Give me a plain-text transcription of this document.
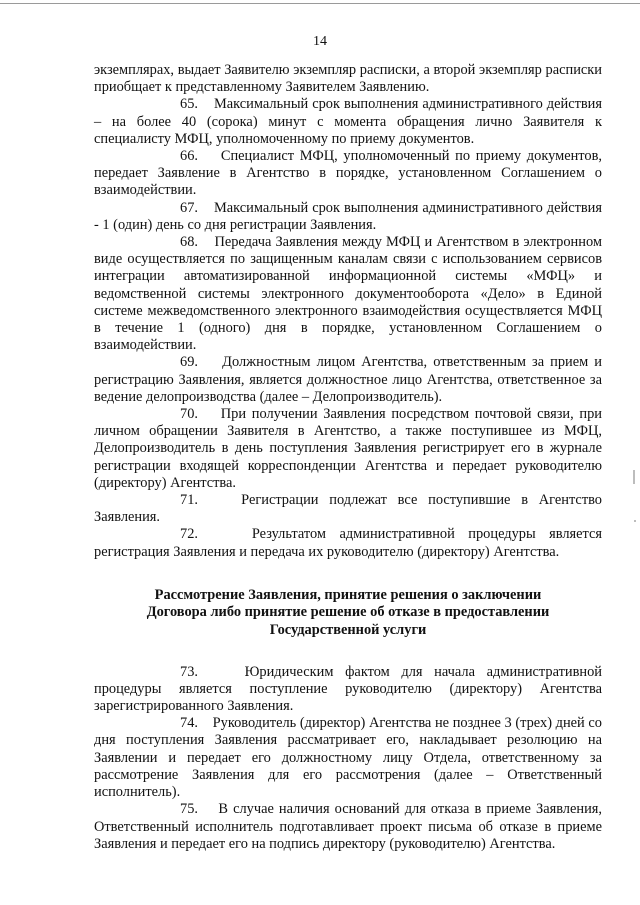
14

экземплярах, выдает Заявителю экземпляр расписки, а второй экземпляр расписки приобщает к представленному Заявителем Заявлению.

65. Максимальный срок выполнения административного действия – на более 40 (сорока) минут с момента обращения лично Заявителя к специалисту МФЦ, уполномоченному по приему документов.

66. Специалист МФЦ, уполномоченный по приему документов, передает Заявление в Агентство в порядке, установленном Соглашением о взаимодействии.

67. Максимальный срок выполнения административного действия - 1 (один) день со дня регистрации Заявления.

68. Передача Заявления между МФЦ и Агентством в электронном виде осуществляется по защищенным каналам связи с использованием сервисов интеграции автоматизированной информационной системы «МФЦ» и ведомственной системы электронного документооборота «Дело» в Единой системе межведомственного электронного взаимодействия осуществляется МФЦ в течение 1 (одного) дня в порядке, установленном Соглашением о взаимодействии.

69. Должностным лицом Агентства, ответственным за прием и регистрацию Заявления, является должностное лицо Агентства, ответственное за ведение делопроизводства (далее – Делопроизводитель).

70. При получении Заявления посредством почтовой связи, при личном обращении Заявителя в Агентство, а также поступившее из МФЦ, Делопроизводитель в день поступления Заявления регистрирует его в журнале регистрации входящей корреспонденции Агентства и передает руководителю (директору) Агентства.

71.	Регистрации подлежат все поступившие в Агентство Заявления.

72.	Результатом административной процедуры является регистрация Заявления и передача их руководителю (директору) Агентства.

Рассмотрение Заявления, принятие решения о заключении
Договора либо принятие решение об отказе в предоставлении
Государственной услуги

73.	Юридическим фактом для начала административной процедуры является поступление руководителю (директору) Агентства зарегистрированного Заявления.

74. Руководитель (директор) Агентства не позднее 3 (трех) дней со дня поступления Заявления рассматривает его, накладывает резолюцию на Заявлении и передает его должностному лицу Отдела, ответственному за рассмотрение Заявления для его рассмотрения (далее – Ответственный исполнитель).

75. В случае наличия оснований для отказа в приеме Заявления, Ответственный исполнитель подготавливает проект письма об отказе в приеме Заявления и передает его на подпись директору (руководителю) Агентства.
